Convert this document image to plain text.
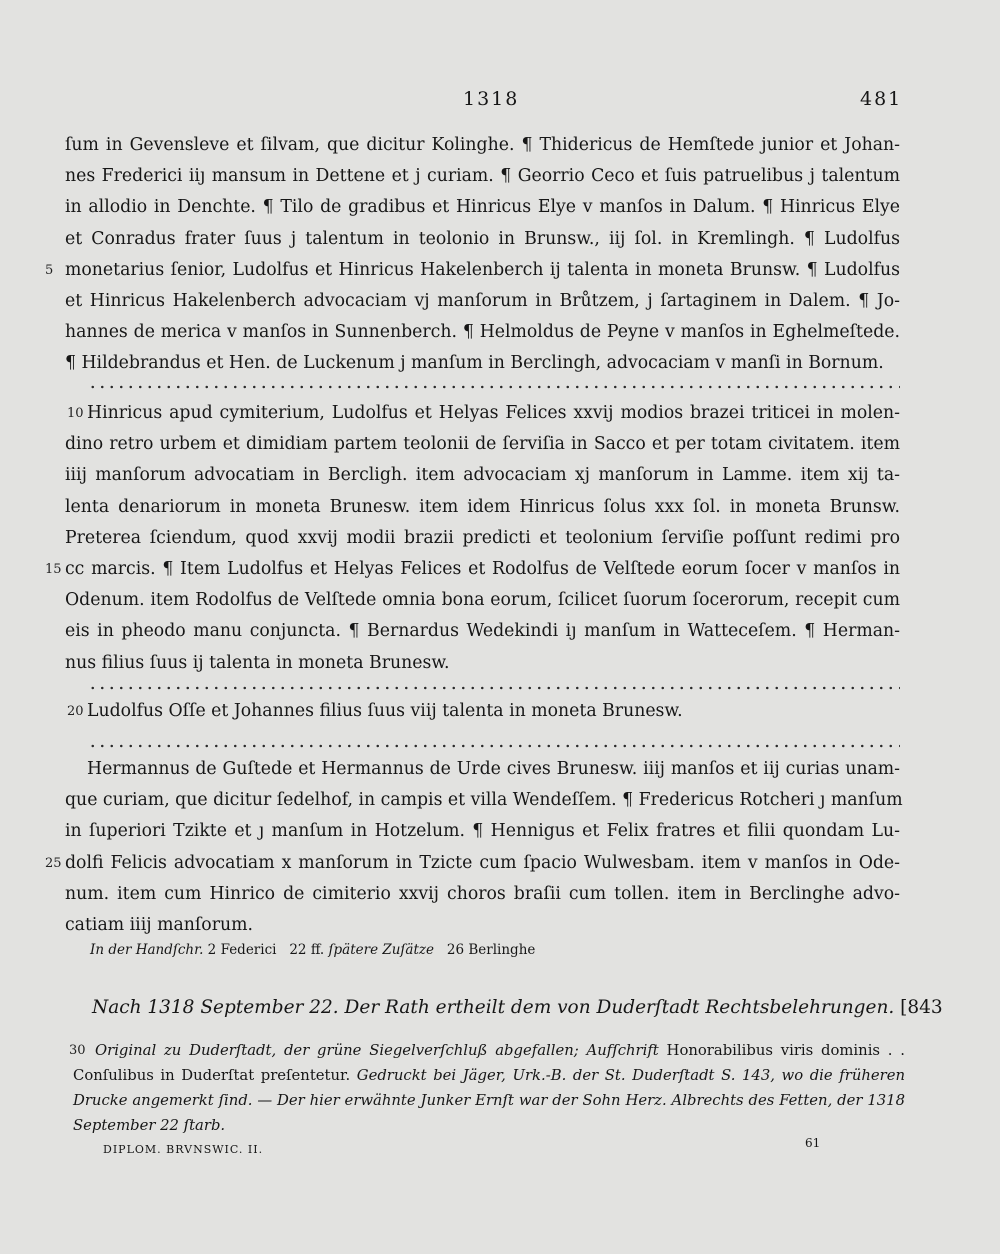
1318	481
ſum in Gevensleve et ſilvam, que dicitur Kolinghe. ¶ Thidericus de Hemſtede junior et Johan-
nes Frederici iiȷ mansum in Dettene et j curiam. ¶ Georrio Ceco et ſuis patruelibus j talentum
in allodio in Denchte. ¶ Tilo de gradibus et Hinricus Elye v manſos in Dalum. ¶ Hinricus Elye
et Conradus frater ſuus j talentum in teolonio in Brunsw., iij ſol. in Kremlingh. ¶ Ludolfus
5 monetarius ſenior, Ludolfus et Hinricus Hakelenberch ij talenta in moneta Brunsw. ¶ Ludolfus
et Hinricus Hakelenberch advocaciam vj manſorum in Brůtzem, j ſartaginem in Dalem. ¶ Jo-
hannes de merica v manſos in Sunnenberch. ¶ Helmoldus de Peyne v manſos in Eghelmeſtede.
¶ Hildebrandus et Hen. de Luckenum j manſum in Berclingh, advocaciam v manſi in Bornum.
10 Hinricus apud cymiterium, Ludolfus et Helyas Felices xxvij modios brazei triticei in molen-
dino retro urbem et dimidiam partem teolonii de ſerviſia in Sacco et per totam civitatem. item
iiij manſorum advocatiam in Bercligh. item advocaciam xj manſorum in Lamme. item xij ta-
lenta denariorum in moneta Brunesw. item idem Hinricus ſolus xxx ſol. in moneta Brunsw.
Preterea ſciendum, quod xxvij modii brazii predicti et teolonium ſerviſie poſſunt redimi pro
15 cc marcis. ¶ Item Ludolfus et Helyas Felices et Rodolfus de Velſtede eorum ſocer v manſos in
Odenum. item Rodolfus de Velſtede omnia bona eorum, ſcilicet ſuorum ſocerorum, recepit cum
eis in pheodo manu conjuncta. ¶ Bernardus Wedekindi iȷ manſum in Watteceſem. ¶ Herman-
nus filius ſuus ij talenta in moneta Brunesw.
20 Ludolfus Oſſe et Johannes filius ſuus viij talenta in moneta Brunesw.
Hermannus de Guſtede et Hermannus de Urde cives Brunesw. iiij manſos et iij curias unam-
que curiam, que dicitur ſedelhof, in campis et villa Wendeſſem. ¶ Fredericus Rotcheri ȷ manſum
in ſuperiori Tzikte et ȷ manſum in Hotzelum. ¶ Hennigus et Felix fratres et filii quondam Lu-
25 dolfi Felicis advocatiam x manſorum in Tzicte cum ſpacio Wulwesbam. item v manſos in Ode-
num. item cum Hinrico de cimiterio xxvij choros braſii cum tollen. item in Berclinghe advo-
catiam iiij manſorum.
In der Handſchr. 2 Federici 22 ff. ſpätere Zuſätze 26 Berlinghe
Nach 1318 September 22. Der Rath ertheilt dem von Duderſtadt Rechtsbelehrungen. [843
30 Original zu Duderſtadt, der grüne Siegelverſchluß abgefallen; Aufſchrift Honorabilibus viris dominis . .
Conſulibus in Duderſtat preſentetur. Gedruckt bei Jäger, Urk.-B. der St. Duderſtadt S. 143, wo die früheren
Drucke angemerkt ſind. — Der hier erwähnte Junker Ernſt war der Sohn Herz. Albrechts des Fetten, der 1318
September 22 ſtarb.
DIPLOM. BRVNSWIC. II.	61
